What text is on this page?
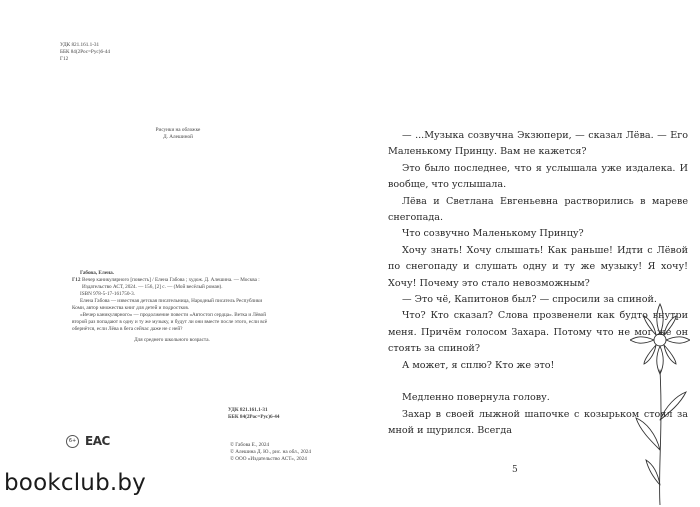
УДК 821.161.1-31
ББК 84(2Рос=Рус)6-44
Г12
Рисунки на обложке
Д. Алешиной
Габова, Елена.
Г12 Вечер каникулярного [повесть] / Елена Габова ; худож. Д. Алешина. — Москва : Издательство АСТ, 2024. — 156, [2] с. — (Мой весёлый роман).
ISBN 978-5-17-161750-3.
Елена Габова — известная детская писательница, Народный писатель Республики Коми, автор множества книг для детей и подростков.
«Вечер каникулярного» — продолжение повести «Автостоп сердца». Ветка и Лёвой второй раз попадают в одну и ту же музыку, и будут ли они вместе после этого, если всё обернётся, если Лёва в бега сейчас даже не с ней?
Для среднего школьного возраста.
УДК 821.161.1-31
ББК 84(2Рос=Рус)6-44
6+ ЕАС	© Габова Е., 2024
© Алешина Д. Ю., рис. на обл., 2024
© ООО «Издательство АСТ», 2024

— ...Музыка созвучна Экзюпери, — сказал Лёва. — Его Маленькому Принцу. Вам не кажется?

Это было последнее, что я услышала уже издалека. И вообще, что услышала.

Лёва и Светлана Евгеньевна растворились в мареве снегопада.

Что созвучно Маленькому Принцу?

Хочу знать! Хочу слышать! Как раньше! Идти с Лёвой по снегопаду и слушать одну и ту же музыку! Я хочу! Хочу! Почему это стало невозможным?

— Это чё, Капитонов был? — спросили за спиной.

Что? Кто сказал? Слова прозвенели как будто внутри меня. Причём голосом Захара. Потому что не мог же он стоять за спиной?

А может, я сплю? Кто же это!

Медленно повернула голову.

Захар в своей лыжной шапочке с козырьком стоял за мной и щурился. Всегда

5
bookclub.by
